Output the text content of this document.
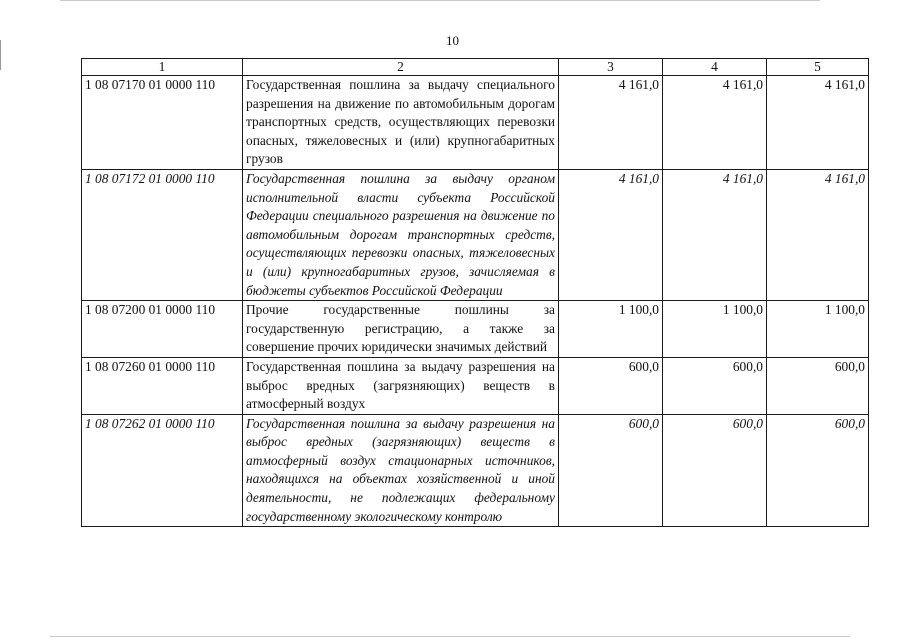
10
1	2	3	4	5
1 08 07170 01 0000 110	Государственная пошлина за выдачу специального разрешения на движение по автомобильным дорогам транспортных средств, осуществляющих перевозки опасных, тяжеловесных и (или) крупногабаритных грузов	4 161,0	4 161,0	4 161,0
1 08 07172 01 0000 110	Государственная пошлина за выдачу органом исполнительной власти субъекта Российской Федерации специального разрешения на движение по автомобильным дорогам транспортных средств, осуществляющих перевозки опасных, тяжеловесных и (или) крупногабаритных грузов, зачисляемая в бюджеты субъектов Российской Федерации	4 161,0	4 161,0	4 161,0
1 08 07200 01 0000 110	Прочие государственные пошлины за государственную регистрацию, а также за совершение прочих юридически значимых действий	1 100,0	1 100,0	1 100,0
1 08 07260 01 0000 110	Государственная пошлина за выдачу разрешения на выброс вредных (загрязняющих) веществ в атмосферный воздух	600,0	600,0	600,0
1 08 07262 01 0000 110	Государственная пошлина за выдачу разрешения на выброс вредных (загрязняющих) веществ в атмосферный воздух стационарных источников, находящихся на объектах хозяйственной и иной деятельности, не подлежащих федеральному государственному экологическому контролю	600,0	600,0	600,0
